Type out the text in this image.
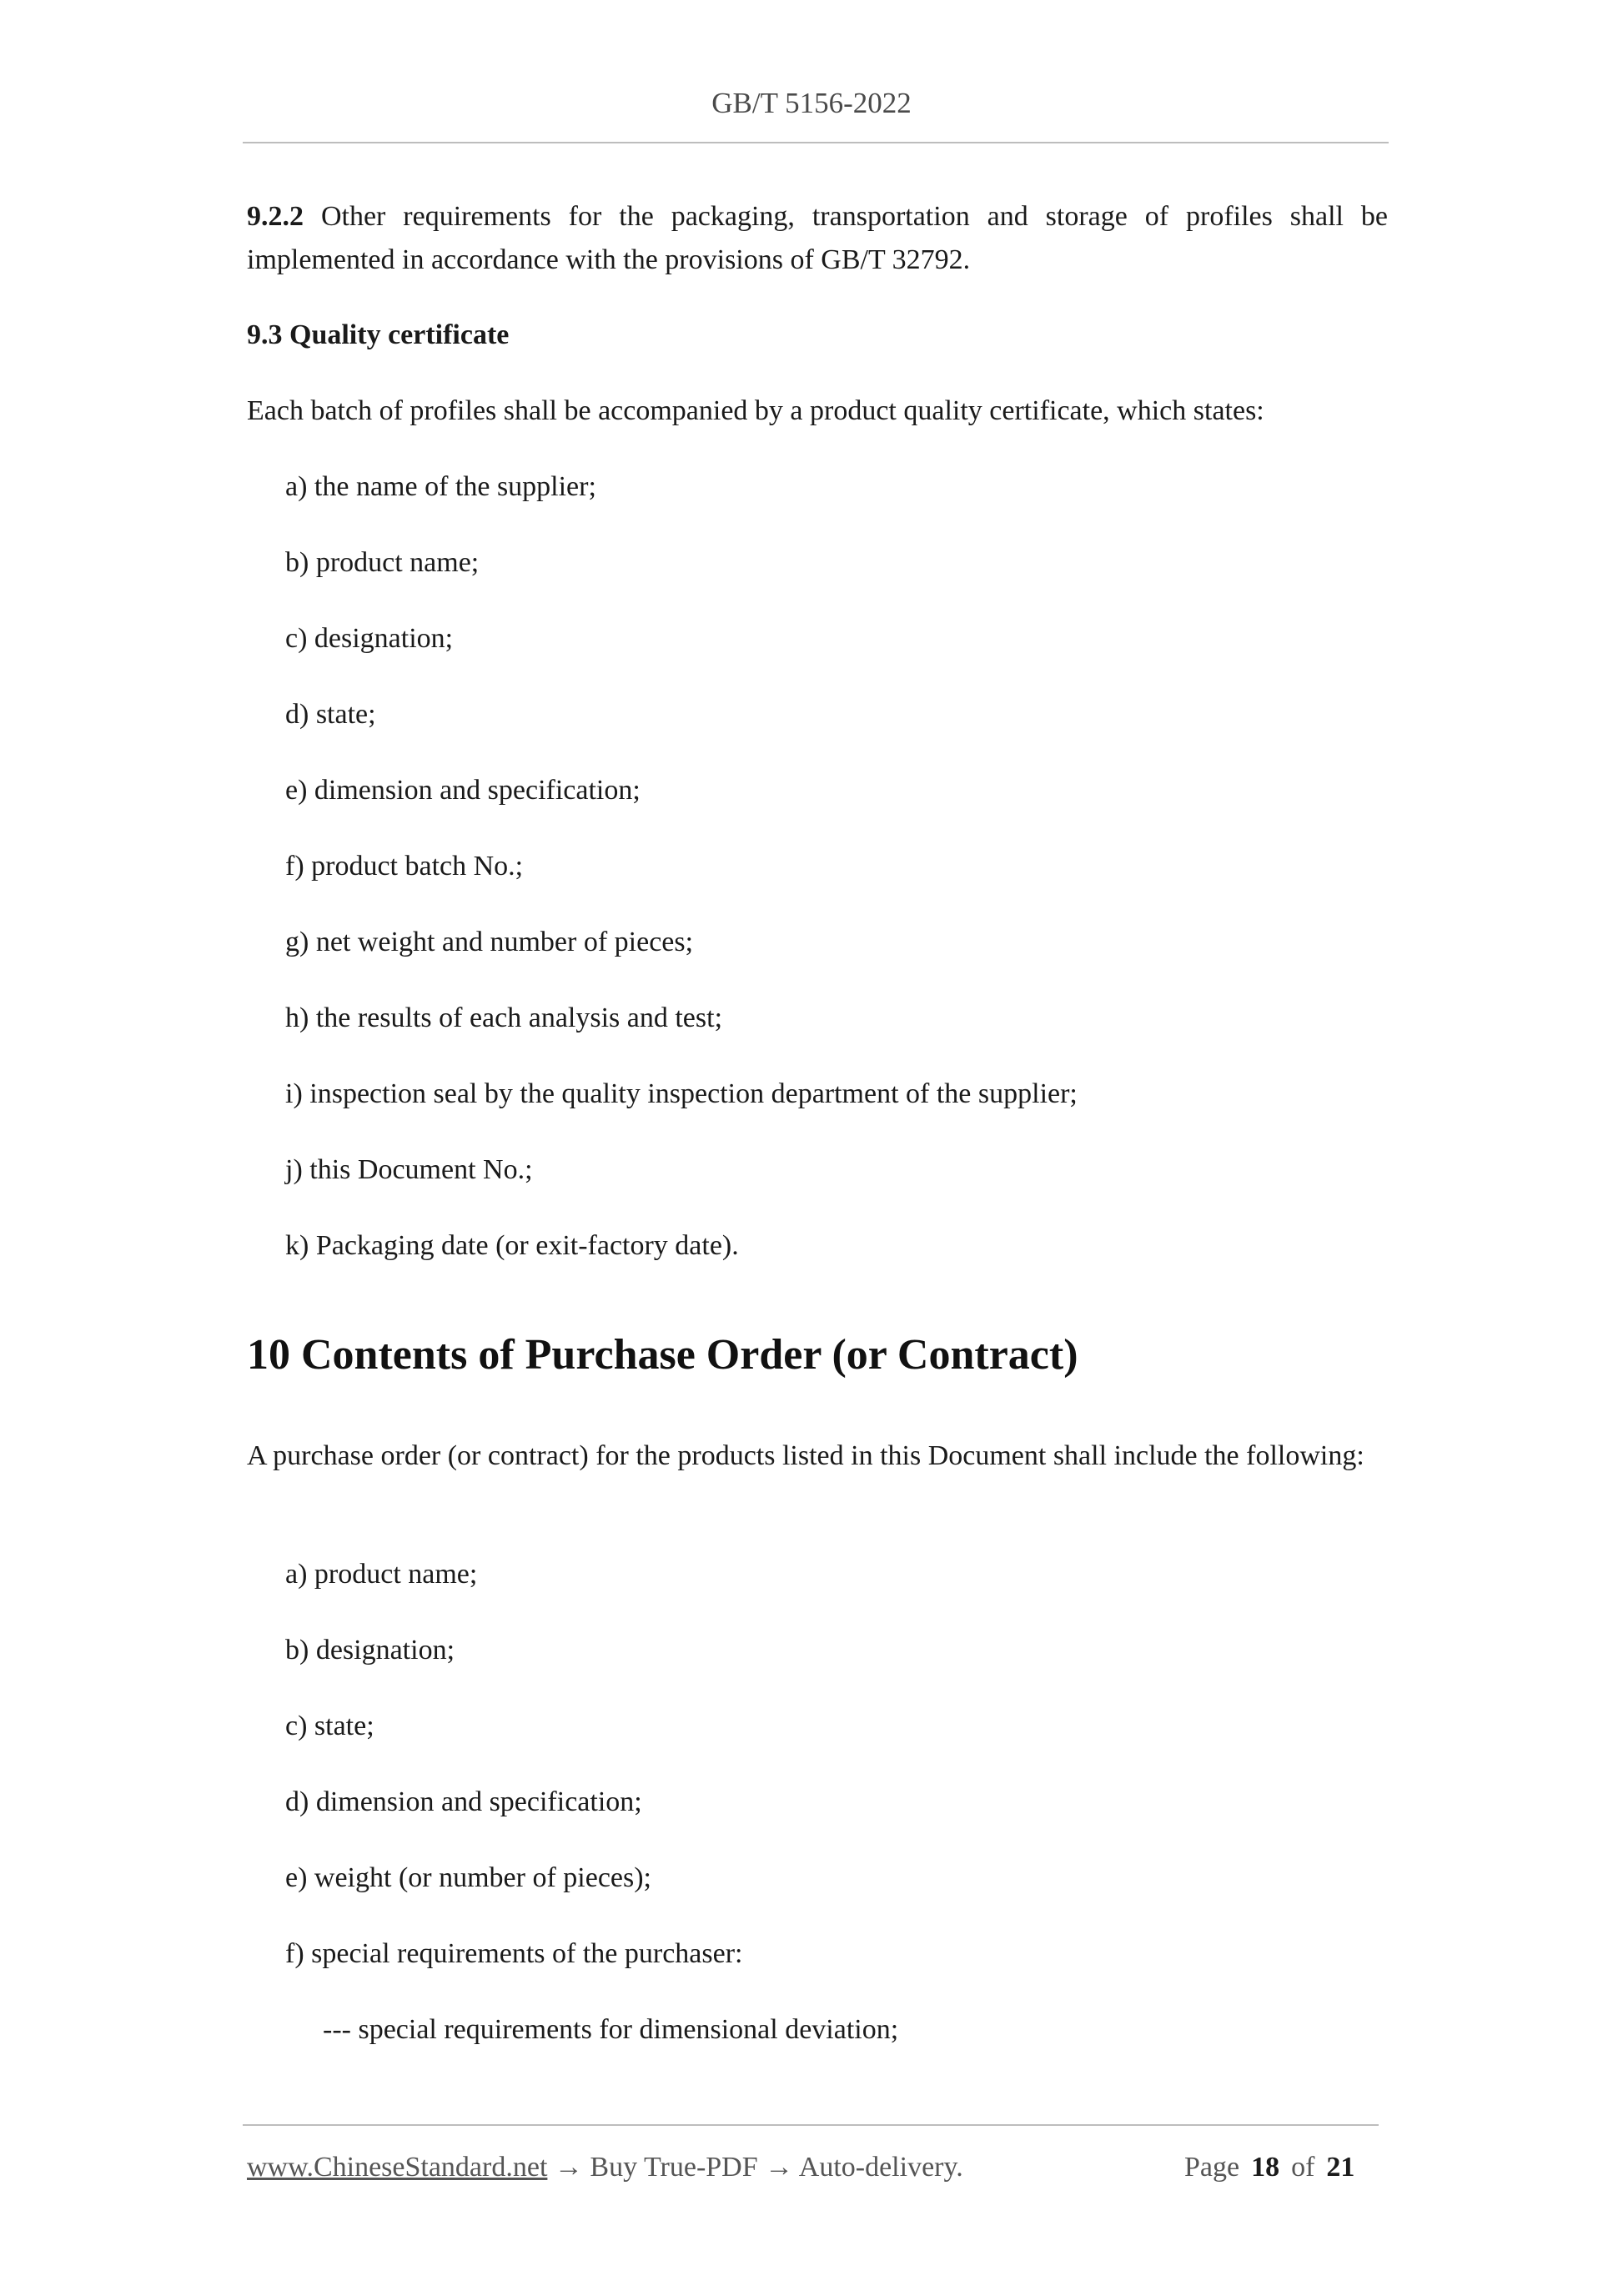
GB/T 5156-2022

9.2.2 Other requirements for the packaging, transportation and storage of profiles shall be implemented in accordance with the provisions of GB/T 32792.

9.3 Quality certificate

Each batch of profiles shall be accompanied by a product quality certificate, which states:

a) the name of the supplier;

b) product name;

c) designation;

d) state;

e) dimension and specification;

f) product batch No.;

g) net weight and number of pieces;

h) the results of each analysis and test;

i) inspection seal by the quality inspection department of the supplier;

j) this Document No.;

k) Packaging date (or exit-factory date).

10 Contents of Purchase Order (or Contract)

A purchase order (or contract) for the products listed in this Document shall include the following:

a) product name;

b) designation;

c) state;

d) dimension and specification;

e) weight (or number of pieces);

f) special requirements of the purchaser:

--- special requirements for dimensional deviation;

www.ChineseStandard.net → Buy True-PDF → Auto-delivery.	Page 18 of 21
